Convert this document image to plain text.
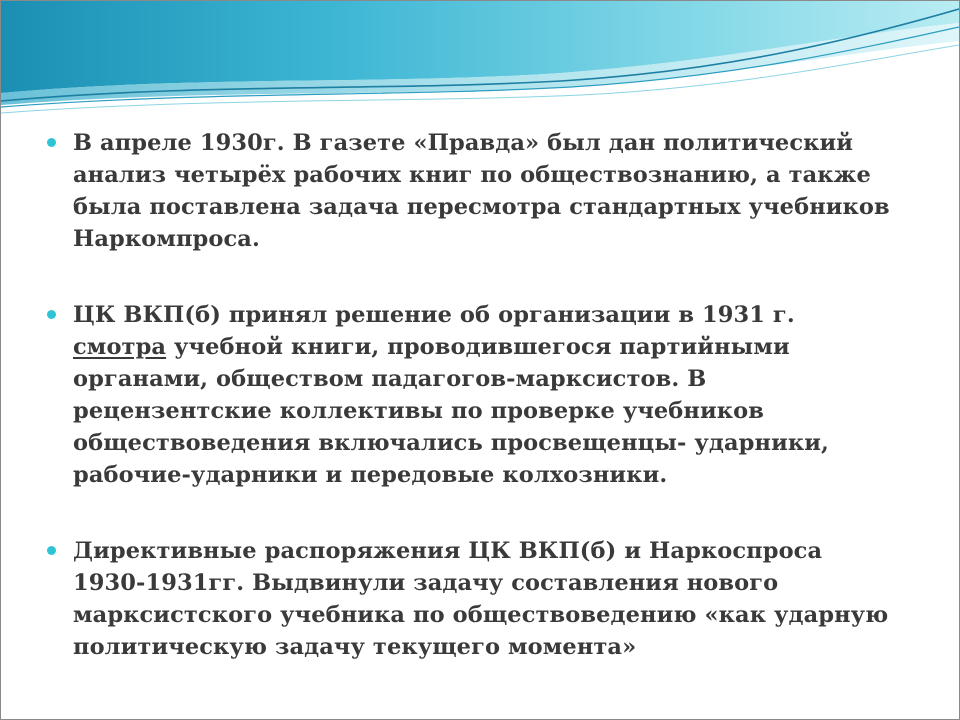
В апреле 1930г. В газете «Правда» был дан политический анализ четырёх рабочих книг по обществознанию, а также была поставлена задача пересмотра стандартных учебников Наркомпроса.
ЦК ВКП(б) принял решение об организации в 1931 г. смотра учебной книги, проводившегося партийными органами, обществом падагогов-марксистов. В рецензентские коллективы по проверке учебников обществоведения включались просвещенцы- ударники, рабочие-ударники и передовые колхозники.
Директивные распоряжения ЦК ВКП(б) и Наркоспроса 1930-1931гг. Выдвинули задачу составления нового марксистского учебника по обществоведению «как ударную политическую задачу текущего момента»
